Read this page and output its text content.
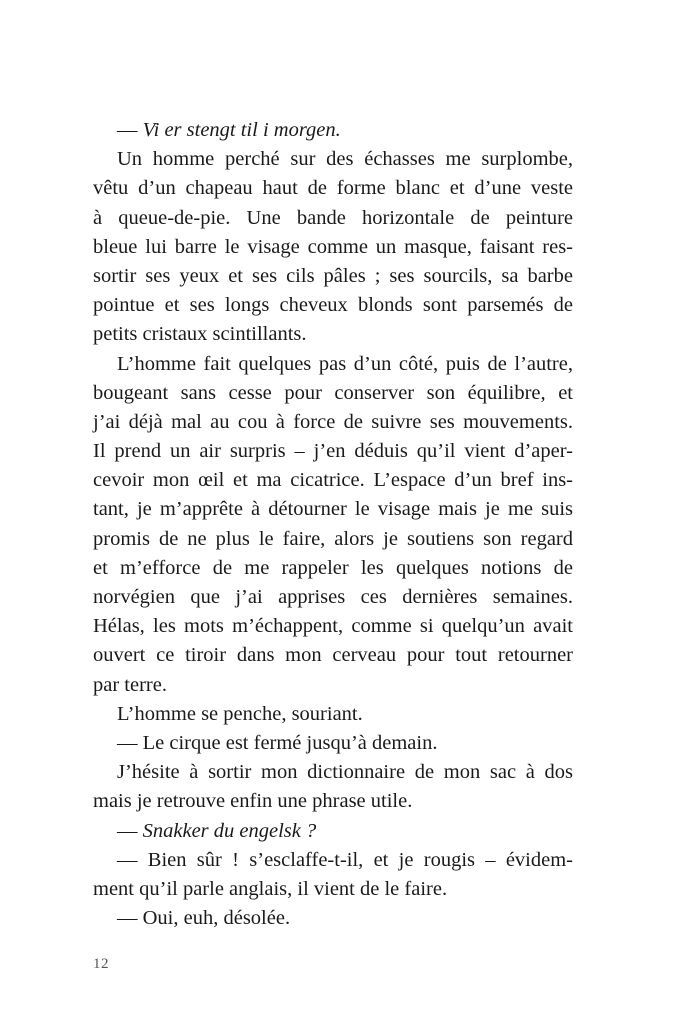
— Vi er stengt til i morgen.
Un homme perché sur des échasses me surplombe,
vêtu d’un chapeau haut de forme blanc et d’une veste
à queue-de-pie. Une bande horizontale de peinture
bleue lui barre le visage comme un masque, faisant res-
sortir ses yeux et ses cils pâles ; ses sourcils, sa barbe
pointue et ses longs cheveux blonds sont parsemés de
petits cristaux scintillants.
L’homme fait quelques pas d’un côté, puis de l’autre,
bougeant sans cesse pour conserver son équilibre, et
j’ai déjà mal au cou à force de suivre ses mouvements.
Il prend un air surpris – j’en déduis qu’il vient d’aper-
cevoir mon œil et ma cicatrice. L’espace d’un bref ins-
tant, je m’apprête à détourner le visage mais je me suis
promis de ne plus le faire, alors je soutiens son regard
et m’efforce de me rappeler les quelques notions de
norvégien que j’ai apprises ces dernières semaines.
Hélas, les mots m’échappent, comme si quelqu’un avait
ouvert ce tiroir dans mon cerveau pour tout retourner
par terre.
L’homme se penche, souriant.
— Le cirque est fermé jusqu’à demain.
J’hésite à sortir mon dictionnaire de mon sac à dos
mais je retrouve enfin une phrase utile.
— Snakker du engelsk ?
— Bien sûr ! s’esclaffe-t-il, et je rougis – évidem-
ment qu’il parle anglais, il vient de le faire.
— Oui, euh, désolée.
12
